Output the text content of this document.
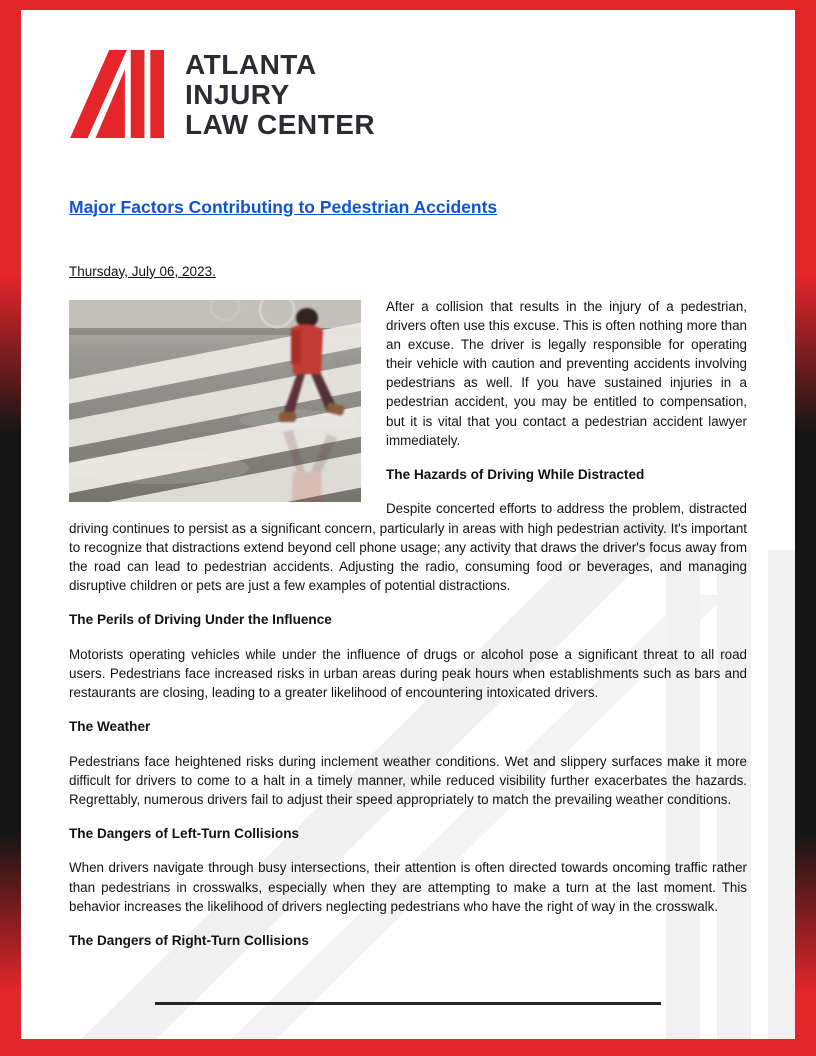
ATLANTA
INJURY
LAW CENTER
Major Factors Contributing to Pedestrian Accidents
Thursday, July 06, 2023.

After a collision that results in the injury of a pedestrian, drivers often use this excuse. This is often nothing more than an excuse. The driver is legally responsible for operating their vehicle with caution and preventing accidents involving pedestrians as well. If you have sustained injuries in a pedestrian accident, you may be entitled to compensation, but it is vital that you contact a pedestrian accident lawyer immediately.

The Hazards of Driving While Distracted

Despite concerted efforts to address the problem, distracted driving continues to persist as a significant concern, particularly in areas with high pedestrian activity. It's important to recognize that distractions extend beyond cell phone usage; any activity that draws the driver's focus away from the road can lead to pedestrian accidents. Adjusting the radio, consuming food or beverages, and managing disruptive children or pets are just a few examples of potential distractions.

The Perils of Driving Under the Influence

Motorists operating vehicles while under the influence of drugs or alcohol pose a significant threat to all road users. Pedestrians face increased risks in urban areas during peak hours when establishments such as bars and restaurants are closing, leading to a greater likelihood of encountering intoxicated drivers.

The Weather

Pedestrians face heightened risks during inclement weather conditions. Wet and slippery surfaces make it more difficult for drivers to come to a halt in a timely manner, while reduced visibility further exacerbates the hazards. Regrettably, numerous drivers fail to adjust their speed appropriately to match the prevailing weather conditions.

The Dangers of Left-Turn Collisions

When drivers navigate through busy intersections, their attention is often directed towards oncoming traffic rather than pedestrians in crosswalks, especially when they are attempting to make a turn at the last moment. This behavior increases the likelihood of drivers neglecting pedestrians who have the right of way in the crosswalk.

The Dangers of Right-Turn Collisions
